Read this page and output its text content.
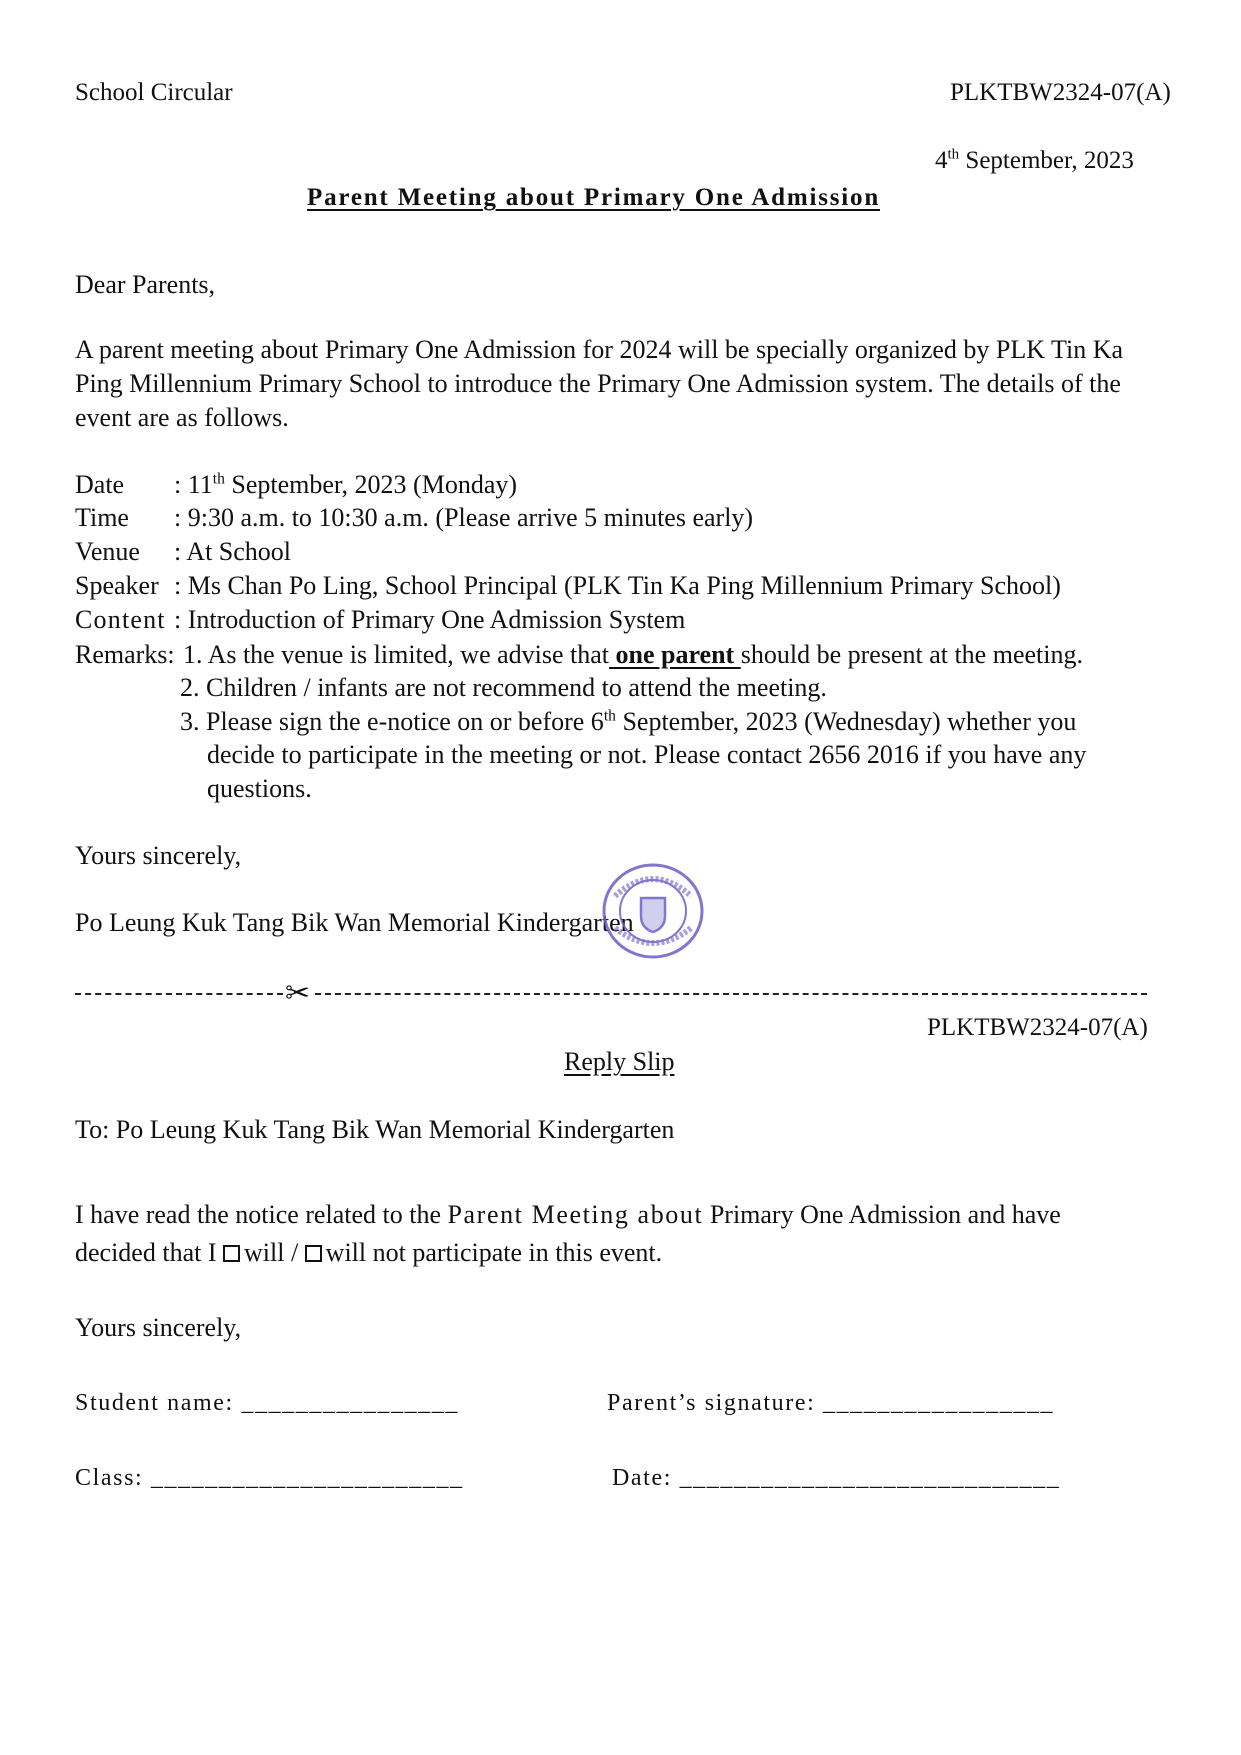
School Circular	PLKTBW2324-07(A)
4th September, 2023
Parent Meeting about Primary One Admission
Dear Parents,
A parent meeting about Primary One Admission for 2024 will be specially organized by PLK Tin Ka
Ping Millennium Primary School to introduce the Primary One Admission system. The details of the
event are as follows.
Date : 11th September, 2023 (Monday)
Time : 9:30 a.m. to 10:30 a.m. (Please arrive 5 minutes early)
Venue : At School
Speaker : Ms Chan Po Ling, School Principal (PLK Tin Ka Ping Millennium Primary School)
Content : Introduction of Primary One Admission System
Remarks: 1. As the venue is limited, we advise that one parent should be present at the meeting.
2. Children / infants are not recommend to attend the meeting.
3. Please sign the e-notice on or before 6th September, 2023 (Wednesday) whether you
decide to participate in the meeting or not. Please contact 2656 2016 if you have any
questions.
Yours sincerely,
Po Leung Kuk Tang Bik Wan Memorial Kindergarten
✂
PLKTBW2324-07(A)
Reply Slip
To: Po Leung Kuk Tang Bik Wan Memorial Kindergarten
I have read the notice related to the Parent Meeting about Primary One Admission and have
decided that I will / will not participate in this event.
Yours sincerely,
Student name: ________________	Parent’s signature: _________________
Class: _______________________	Date: ____________________________
